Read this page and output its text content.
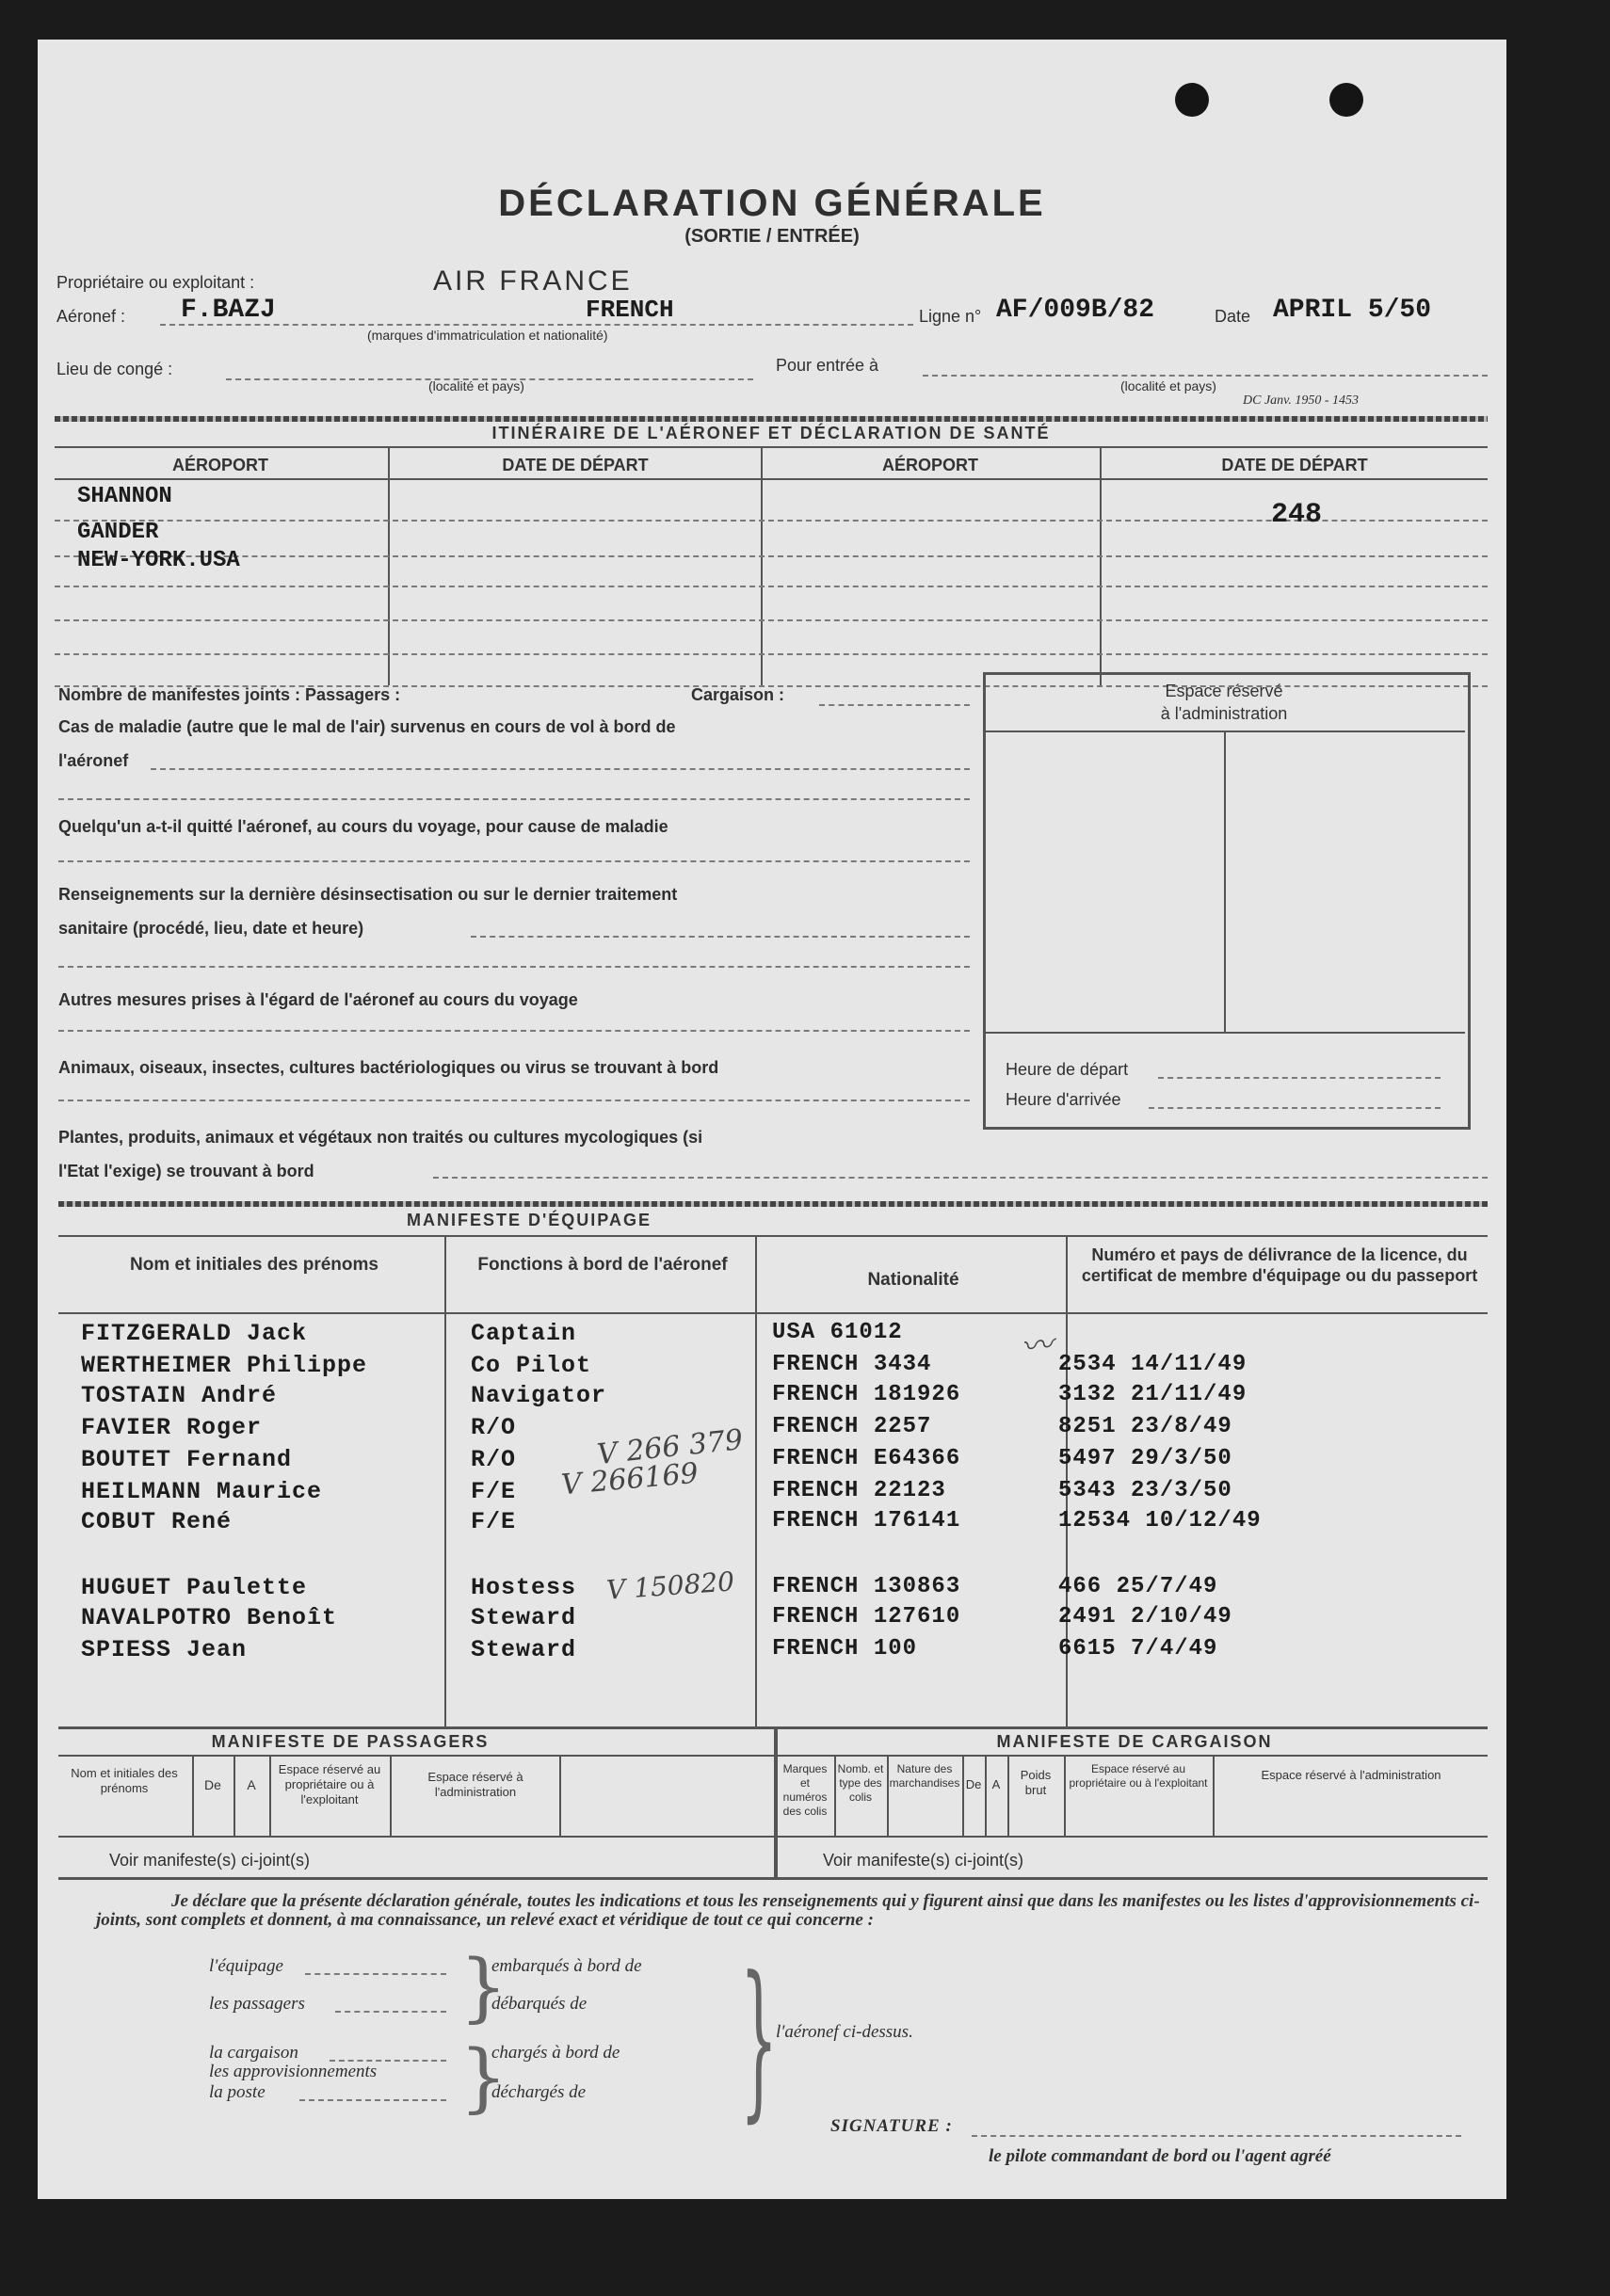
DÉCLARATION GÉNÉRALE
(SORTIE / ENTRÉE)
Propriétaire ou exploitant :	AIR FRANCE
Aéronef : F.BAZJ	FRENCH
(marques d'immatriculation et nationalité)
Ligne n° AF/009B/82	Date APRIL 5/50
Lieu de congé :
(localité et pays)
Pour entrée à
(localité et pays)
DC Janv. 1950 - 1453
ITINÉRAIRE DE L'AÉRONEF ET DÉCLARATION DE SANTÉ
AÉROPORT	DATE DE DÉPART	AÉROPORT	DATE DE DÉPART
SHANNON
GANDER
NEW-YORK.USA
248
Nombre de manifestes joints : Passagers :	Cargaison :
Cas de maladie (autre que le mal de l'air) survenus en cours de vol à bord de
l'aéronef
Quelqu'un a-t-il quitté l'aéronef, au cours du voyage, pour cause de maladie
Renseignements sur la dernière désinsectisation ou sur le dernier traitement
sanitaire (procédé, lieu, date et heure)
Autres mesures prises à l'égard de l'aéronef au cours du voyage
Animaux, oiseaux, insectes, cultures bactériologiques ou virus se trouvant à bord
Plantes, produits, animaux et végétaux non traités ou cultures mycologiques (si
l'Etat l'exige) se trouvant à bord
Espace réservé
à l'administration
Heure de départ
Heure d'arrivée
MANIFESTE D'ÉQUIPAGE
Nom et initiales des prénoms	Fonctions à bord de l'aéronef
Nationalité
Numéro et pays de délivrance de la licence, du certificat de membre d'équipage ou du passeport
FITZGERALD Jack	Captain	USA 61012
WERTHEIMER Philippe	Co Pilot	FRENCH 3434	2534 14/11/49
TOSTAIN André	Navigator	FRENCH 181926	3132 21/11/49
FAVIER Roger	R/O	FRENCH 2257	8251 23/8/49
BOUTET Fernand	R/O	FRENCH E64366	5497 29/3/50
HEILMANN Maurice	F/E	FRENCH 22123	5343 23/3/50
COBUT René	F/E	FRENCH 176141	12534 10/12/49
HUGUET Paulette	Hostess	FRENCH 130863	466 25/7/49
NAVALPOTRO Benoît	Steward	FRENCH 127610	2491 2/10/49
SPIESS Jean	Steward	FRENCH 100	6615 7/4/49
〰
V 266 379
V 266169
V 150820
MANIFESTE DE PASSAGERS	MANIFESTE DE CARGAISON
Nom et initiales des prénoms	De	A
Espace réservé au propriétaire ou à l'exploitant
Espace réservé à l'administration
Voir manifeste(s) ci-joint(s)
Marques et numéros des colis
Nomb. et type des colis
Nature des marchandises De A
Poids brut
Espace réservé au propriétaire ou à l'exploitant
Espace réservé à l'administration
Voir manifeste(s) ci-joint(s)
Je déclare que la présente déclaration générale, toutes les indications et tous les renseignements qui y figurent ainsi que dans les manifestes ou les listes d'approvisionnements ci-joints, sont complets et donnent, à ma connaissance, un relevé exact et véridique de tout ce qui concerne :
l'équipage
les passagers
la cargaison
les approvisionnements
la poste
}
}
embarqués à bord de
débarqués de
chargés à bord de
déchargés de }
l'aéronef ci-dessus.
SIGNATURE :
le pilote commandant de bord ou l'agent agréé
